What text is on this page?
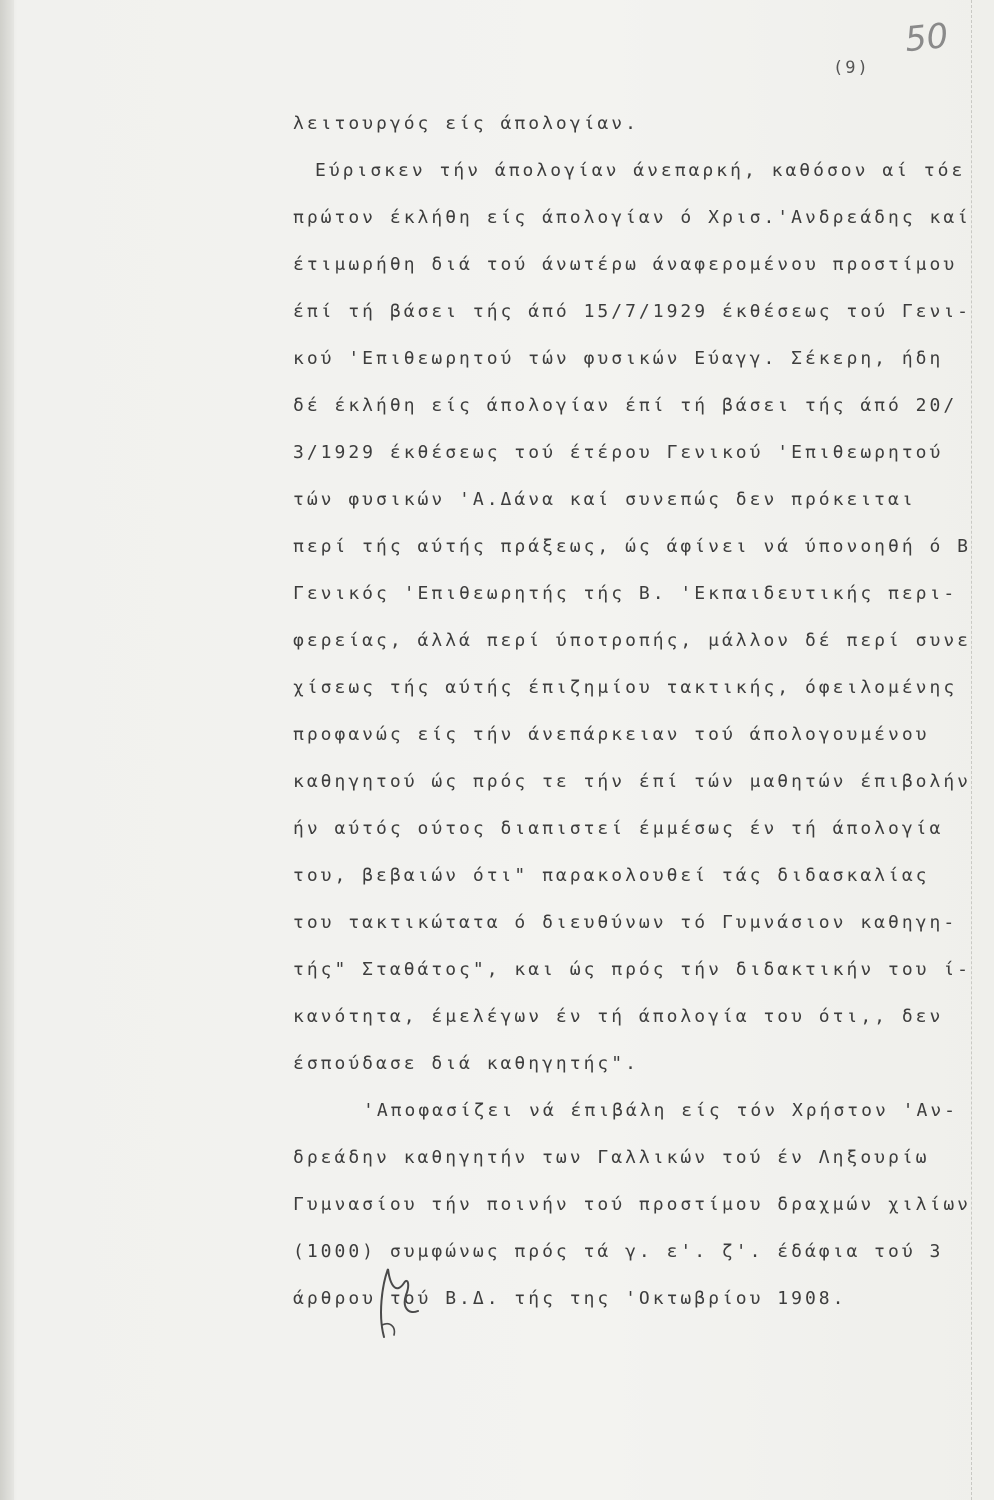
(9)
50
λειτουργός είς άπολογίαν.
Εύρισκεν τήν άπολογίαν άνεπαρκή, καθόσον αί τόε
πρώτον έκλήθη είς άπολογίαν ό Χρισ.'Ανδρεάδης καί
έτιμωρήθη διά τού άνωτέρω άναφερομένου προστίμου
έπί τή βάσει τής άπό 15/7/1929 έκθέσεως τού Γενι-
κού 'Επιθεωρητού τών φυσικών Εύαγγ. Σέκερη, ήδη
δέ έκλήθη είς άπολογίαν έπί τή βάσει τής άπό 20/
3/1929 έκθέσεως τού έτέρου Γενικού 'Επιθεωρητού
τών φυσικών 'Α.Δάνα καί συνεπώς δεν πρόκειται
περί τής αύτής πράξεως, ώς άφίνει νά ύπονοηθή ό Β
Γενικός 'Επιθεωρητής τής Β. 'Εκπαιδευτικής περι-
φερείας, άλλά περί ύποτροπής, μάλλον δέ περί συνε
χίσεως τής αύτής έπιζημίου τακτικής, όφειλομένης
προφανώς είς τήν άνεπάρκειαν τού άπολογουμένου
καθηγητού ώς πρός τε τήν έπί τών μαθητών έπιβολήν
ήν αύτός ούτος διαπιστεί έμμέσως έν τή άπολογία
του, βεβαιών ότι" παρακολουθεί τάς διδασκαλίας
του τακτικώτατα ό διευθύνων τό Γυμνάσιον καθηγη-
τής" Σταθάτος", και ώς πρός τήν διδακτικήν του ί-
κανότητα, έμελέγων έν τή άπολογία του ότι,, δεν
έσπούδασε διά καθηγητής".
'Αποφασίζει νά έπιβάλη είς τόν Χρήστον 'Αν-
δρεάδην καθηγητήν των Γαλλικών τού έν Ληξουρίω
Γυμνασίου τήν ποινήν τού προστίμου δραχμών χιλίων
(1000) συμφώνως πρός τά γ. ε'. ζ'. έδάφια τού 3
άρθρου τού Β.Δ. τής της 'Οκτωβρίου 1908.
